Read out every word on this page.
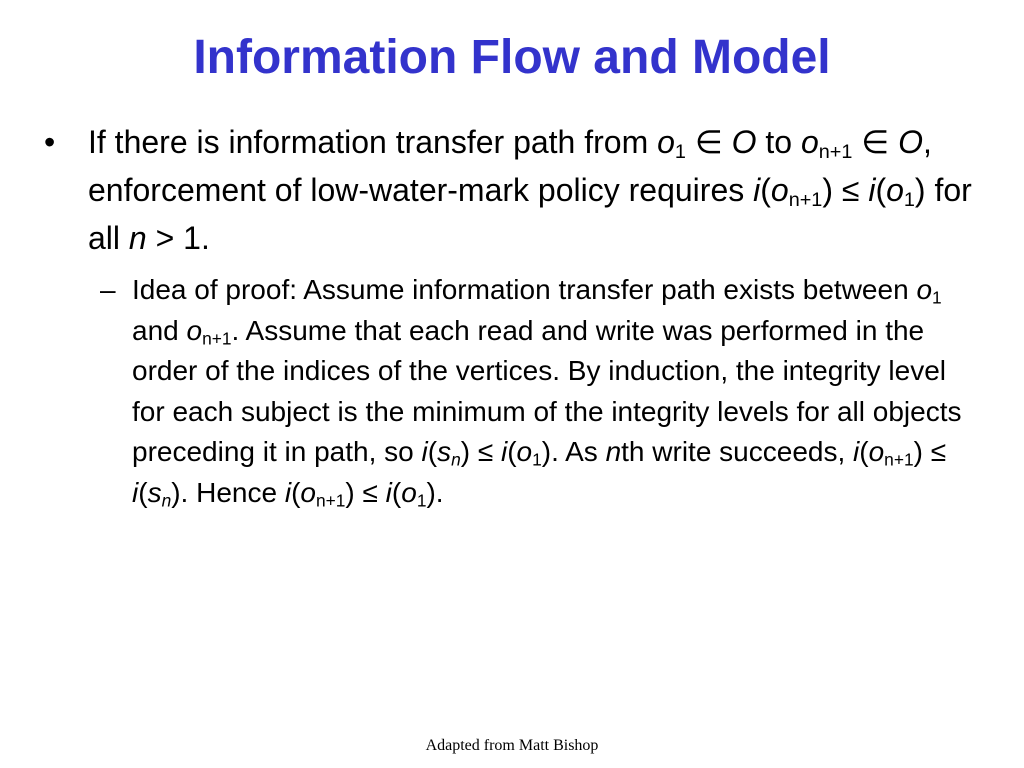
Information Flow and Model
• If there is information transfer path from $o_1$ ∈ O to $o_{n+1}$ ∈ O, enforcement of low-water-mark policy requires $i(o_{n+1}) \le i(o_1)$ for all n > 1.
– Idea of proof: Assume information transfer path exists between $o_1$ and $o_{n+1}$. Assume that each read and write was performed in the order of the indices of the vertices. By induction, the integrity level for each subject is the minimum of the integrity levels for all objects preceding it in path, so $i(s_n) \le i(o_1)$. As nth write succeeds, $i(o_{n+1}) \le i(s_n)$. Hence $i(o_{n+1}) \le i(o_1)$.
Adapted from Matt Bishop
